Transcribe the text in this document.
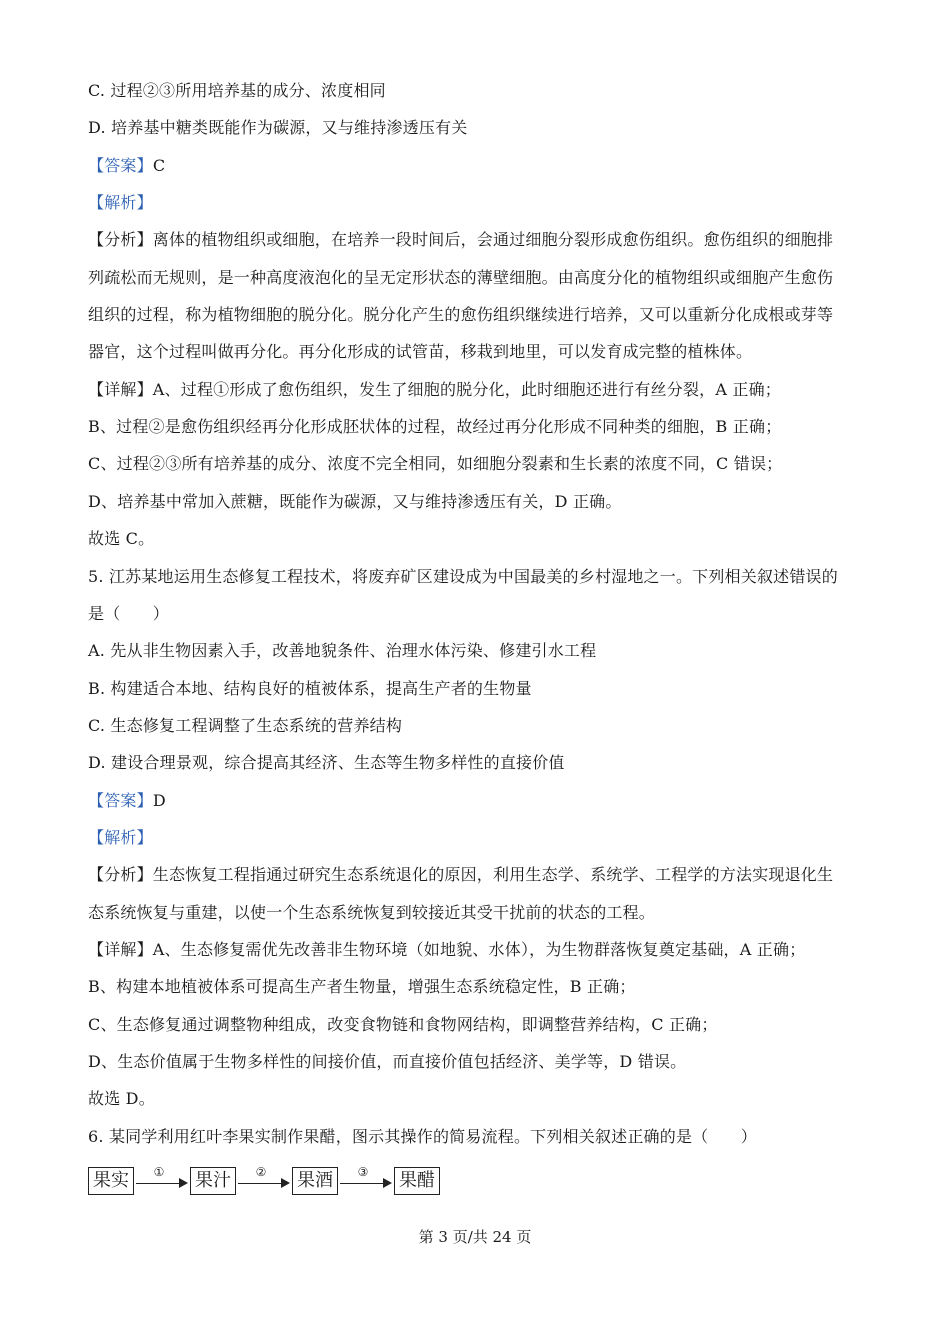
C. 过程②③所用培养基的成分、浓度相同
D. 培养基中糖类既能作为碳源，又与维持渗透压有关
【答案】C
【解析】
【分析】离体的植物组织或细胞，在培养一段时间后，会通过细胞分裂形成愈伤组织。愈伤组织的细胞排
列疏松而无规则，是一种高度液泡化的呈无定形状态的薄壁细胞。由高度分化的植物组织或细胞产生愈伤
组织的过程，称为植物细胞的脱分化。脱分化产生的愈伤组织继续进行培养，又可以重新分化成根或芽等
器官，这个过程叫做再分化。再分化形成的试管苗，移栽到地里，可以发育成完整的植株体。
【详解】A、过程①形成了愈伤组织，发生了细胞的脱分化，此时细胞还进行有丝分裂，A 正确；
B、过程②是愈伤组织经再分化形成胚状体的过程，故经过再分化形成不同种类的细胞，B 正确；
C、过程②③所有培养基的成分、浓度不完全相同，如细胞分裂素和生长素的浓度不同，C 错误；
D、培养基中常加入蔗糖，既能作为碳源，又与维持渗透压有关，D 正确。
故选 C。
5. 江苏某地运用生态修复工程技术，将废弃矿区建设成为中国最美的乡村湿地之一。下列相关叙述错误的
是（　　）
A. 先从非生物因素入手，改善地貌条件、治理水体污染、修建引水工程
B. 构建适合本地、结构良好的植被体系，提高生产者的生物量
C. 生态修复工程调整了生态系统的营养结构
D. 建设合理景观，综合提高其经济、生态等生物多样性的直接价值
【答案】D
【解析】
【分析】生态恢复工程指通过研究生态系统退化的原因，利用生态学、系统学、工程学的方法实现退化生
态系统恢复与重建，以使一个生态系统恢复到较接近其受干扰前的状态的工程。
【详解】A、生态修复需优先改善非生物环境（如地貌、水体），为生物群落恢复奠定基础，A 正确；
B、构建本地植被体系可提高生产者生物量，增强生态系统稳定性，B 正确；
C、生态修复通过调整物种组成，改变食物链和食物网结构，即调整营养结构，C 正确；
D、生态价值属于生物多样性的间接价值，而直接价值包括经济、美学等，D 错误。
故选 D。
6. 某同学利用红叶李果实制作果醋，图示其操作的简易流程。下列相关叙述正确的是（　　）
果实	①	果汁	②	果酒	③	果醋
第 3 页/共 24 页
